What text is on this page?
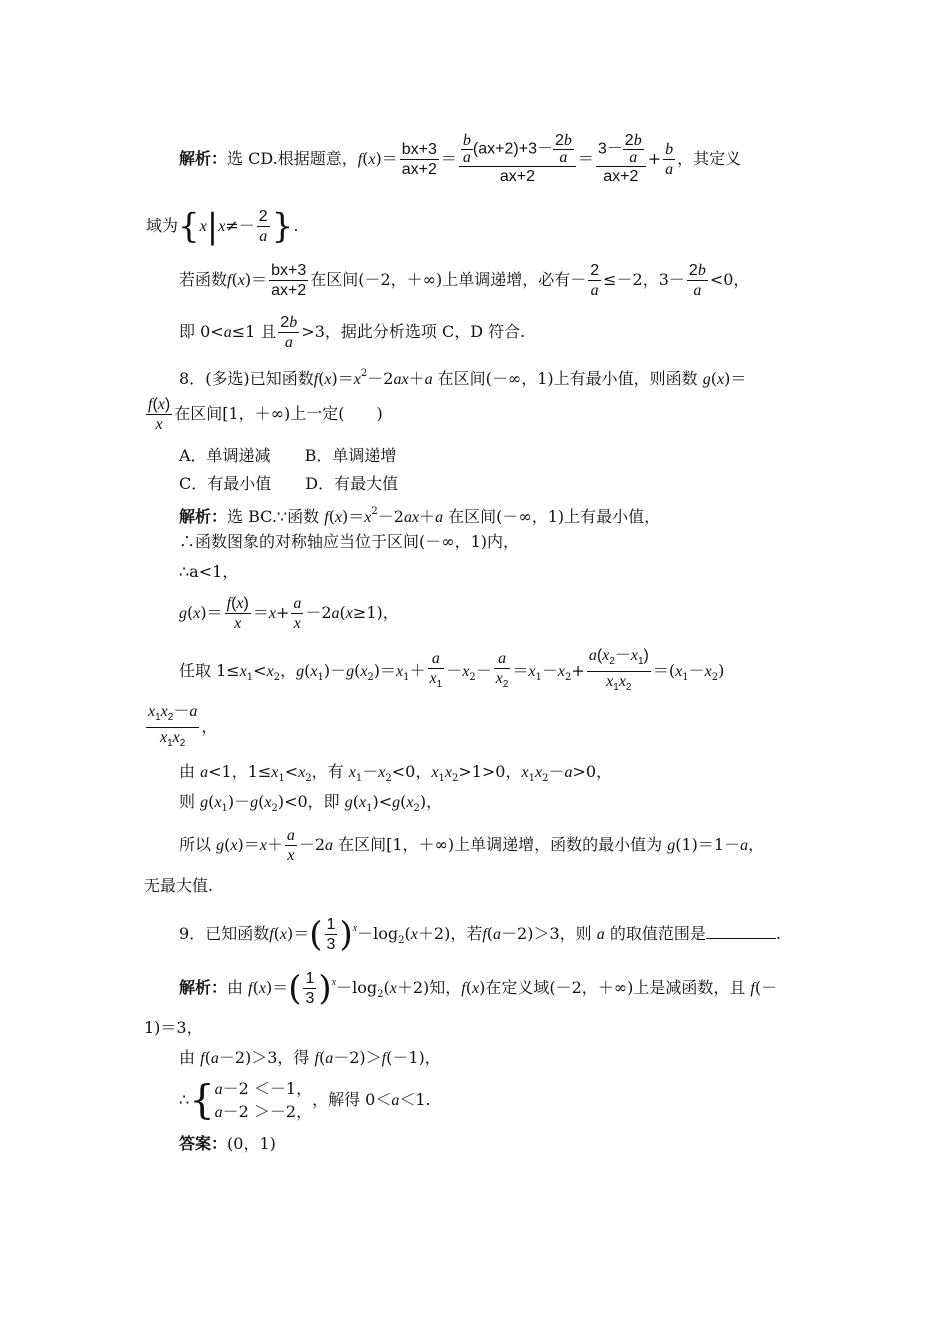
解析：选 CD.根据题意，$f(x)= \frac{bx+3}{ax+2} = \frac{\frac{b}{a} (ax+2)+3- \frac{2b}{a}}{ax+2} = \frac{3- \frac{2b}{a}}{ax+2} + \frac{b}{a}$ ，其定义
域为{$x|x\ne- \frac{2}{a}$ }.
若函数$f(x)= \frac{bx+3}{ax+2}$ 在区间(－2，＋∞)上单调递增，必有－ $\frac{2}{a} \le-2$，$3- \frac{2b}{a} <0$，
即 0<a≤1 且 $\frac{2b}{a} >3$，据此分析选项 C，D 符合.
8．(多选)已知函数$f(x)=x^2-2ax+a$ 在区间(－∞，1)上有最小值，则函数 g(x)＝
$\frac{f(x)}{x}$ 在区间[1，＋∞)上一定(　　)
A．单调递减 B．单调递增
C．有最小值 D．有最大值
解析：选 BC.∵函数 $f(x)=x^2-2ax+a$ 在区间(－∞，1)上有最小值，
∴函数图象的对称轴应当位于区间(－∞，1)内，
∴a<1，
$g(x)= \frac{f(x)}{x} =x+ \frac{a}{x} -2a(x\ge 1)$，
任取 $1\le x_1<x_2$，$g(x_1)-g(x_2)=x_1+ \frac{a}{x_1} -x_2- \frac{a}{x_2} =x_1-x_2+ \frac{a(x_2-x_1)}{x_1x_2} =(x_1-x_2)$
$\frac{x_1x_2-a}{x_1x_2}$ ，
由 a<1，$1\le x_1<x_2$，有 $x_1-x_2<0$，$x_1x_2>1>0$，$x_1x_2-a>0$，
则 $g(x_1)-g(x_2)<0$，即 $g(x_1)<g(x_2)$，
所以 $g(x)=x+ \frac{a}{x} -2a$ 在区间[1，＋∞)上单调递增，函数的最小值为 g(1)＝1－a，
无最大值.
9．已知函数$f(x)=( \frac{1}{3} )^x-\log_2(x+2)$，若f(a－2)＞3，则 a 的取值范围是	.
解析：由 $f(x)=( \frac{1}{3} )^x-\log_2(x+2)$知，f(x)在定义域(－2，＋∞)上是减函数，且 f(－
1)＝3，
由 f(a－2)＞3，得 f(a－2)＞f(－1)，
∴{ a－2 ＜－1，
a－2 ＞－2，
，解得 0＜a＜1.
答案：(0，1)
